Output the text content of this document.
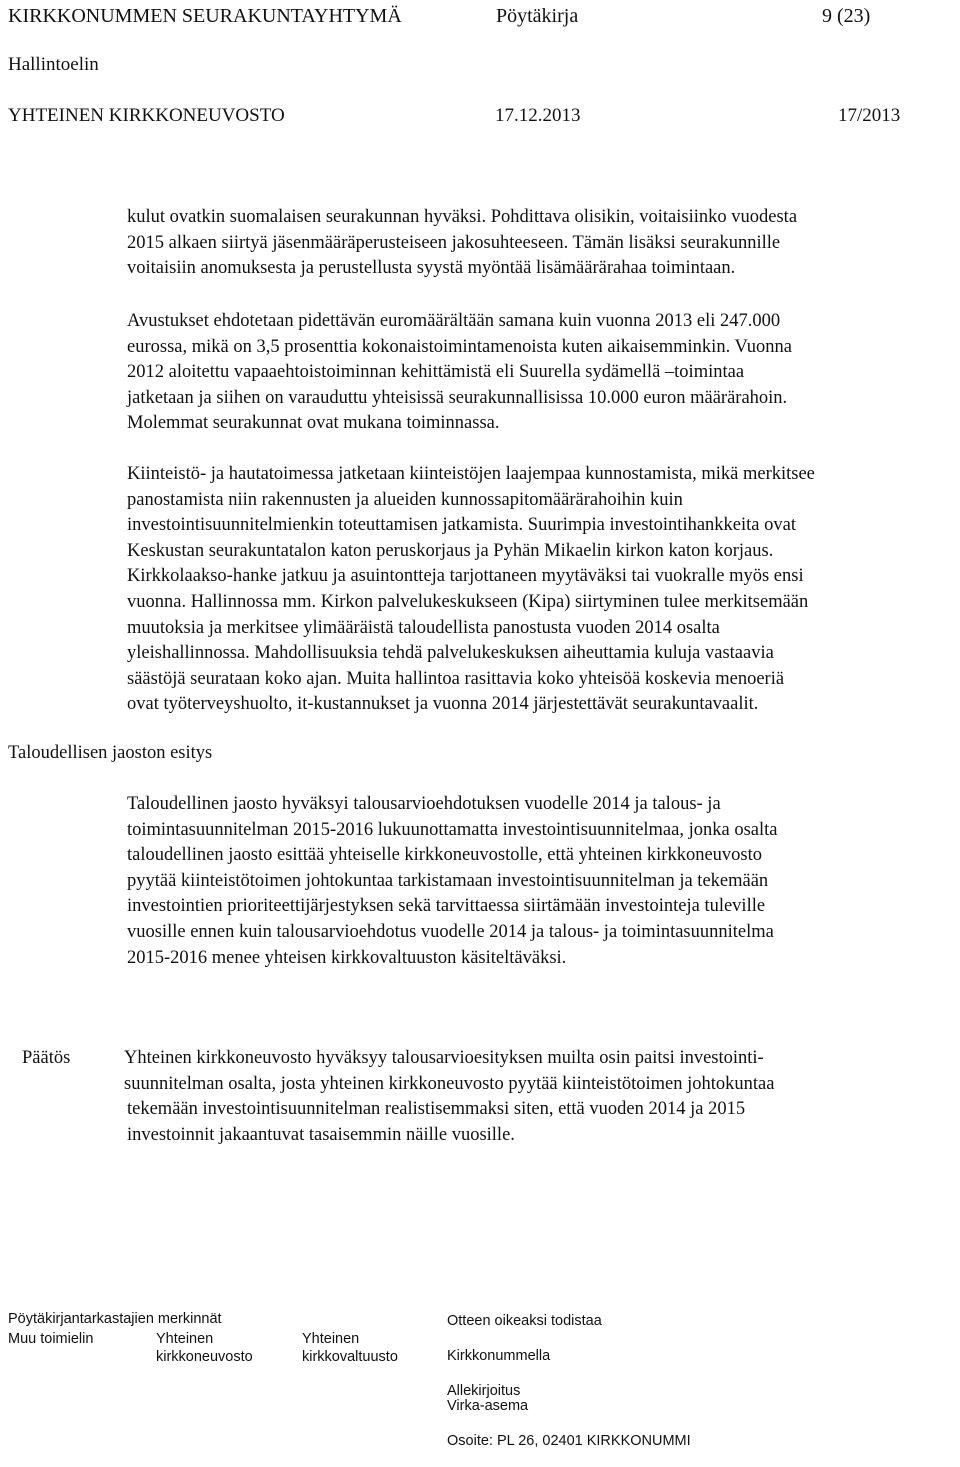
KIRKKONUMMEN SEURAKUNTAYHTYMÄ	Pöytäkirja	9 (23)
Hallintoelin
YHTEINEN KIRKKONEUVOSTO	17.12.2013	17/2013
kulut ovatkin suomalaisen seurakunnan hyväksi. Pohdittava olisikin, voitaisiinko vuodesta
2015 alkaen siirtyä jäsenmääräperusteiseen jakosuhteeseen. Tämän lisäksi seurakunnille
voitaisiin anomuksesta ja perustellusta syystä myöntää lisämäärärahaa toimintaan.
Avustukset ehdotetaan pidettävän euromäärältään samana kuin vuonna 2013 eli 247.000
eurossa, mikä on 3,5 prosenttia kokonaistoimintamenoista kuten aikaisemminkin. Vuonna
2012 aloitettu vapaaehtoistoiminnan kehittämistä eli Suurella sydämellä –toimintaa
jatketaan ja siihen on varauduttu yhteisissä seurakunnallisissa 10.000 euron määrärahoin.
Molemmat seurakunnat ovat mukana toiminnassa.
Kiinteistö- ja hautatoimessa jatketaan kiinteistöjen laajempaa kunnostamista, mikä merkitsee
panostamista niin rakennusten ja alueiden kunnossapitomäärärahoihin kuin
investointisuunnitelmienkin toteuttamisen jatkamista. Suurimpia investointihankkeita ovat
Keskustan seurakuntatalon katon peruskorjaus ja Pyhän Mikaelin kirkon katon korjaus.
Kirkkolaakso-hanke jatkuu ja asuintontteja tarjottaneen myytäväksi tai vuokralle myös ensi
vuonna. Hallinnossa mm. Kirkon palvelukeskukseen (Kipa) siirtyminen tulee merkitsemään
muutoksia ja merkitsee ylimääräistä taloudellista panostusta vuoden 2014 osalta
yleishallinnossa. Mahdollisuuksia tehdä palvelukeskuksen aiheuttamia kuluja vastaavia
säästöjä seurataan koko ajan. Muita hallintoa rasittavia koko yhteisöä koskevia menoeriä
ovat työterveyshuolto, it-kustannukset ja vuonna 2014 järjestettävät seurakuntavaalit.
Taloudellisen jaoston esitys
Taloudellinen jaosto hyväksyi talousarvioehdotuksen vuodelle 2014 ja talous- ja
toimintasuunnitelman 2015-2016 lukuunottamatta investointisuunnitelmaa, jonka osalta
taloudellinen jaosto esittää yhteiselle kirkkoneuvostolle, että yhteinen kirkkoneuvosto
pyytää kiinteistötoimen johtokuntaa tarkistamaan investointisuunnitelman ja tekemään
investointien prioriteettijärjestyksen sekä tarvittaessa siirtämään investointeja tuleville
vuosille ennen kuin talousarvioehdotus vuodelle 2014 ja talous- ja toimintasuunnitelma
2015-2016 menee yhteisen kirkkovaltuuston käsiteltäväksi.
Päätös	Yhteinen kirkkoneuvosto hyväksyy talousarvioesityksen muilta osin paitsi investointi-
suunnitelman osalta, josta yhteinen kirkkoneuvosto pyytää kiinteistötoimen johtokuntaa
tekemään investointisuunnitelman realistisemmaksi siten, että vuoden 2014 ja 2015
investoinnit jakaantuvat tasaisemmin näille vuosille.
Pöytäkirjantarkastajien merkinnät
Muu toimielin	Yhteinen
kirkkoneuvosto
Yhteinen
kirkkovaltuusto
Otteen oikeaksi todistaa
Kirkkonummella
Allekirjoitus
Virka-asema
Osoite: PL 26, 02401 KIRKKONUMMI
